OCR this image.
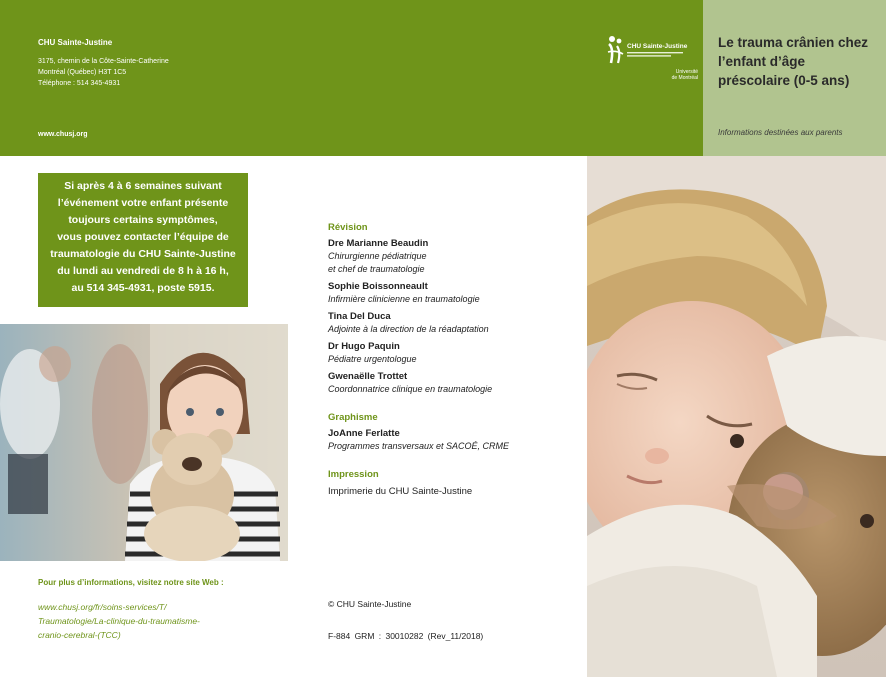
CHU Sainte-Justine
3175, chemin de la Côte-Sainte-Catherine
Montréal (Québec) H3T 1C5
Téléphone : 514 345-4931
www.chusj.org
CHU Sainte-Justine
Université
de Montréal
Le trauma crânien chez l’enfant d’âge préscolaire (0-5 ans)
Informations destinées aux parents
Si après 4 à 6 semaines suivant
l’événement votre enfant présente
toujours certains symptômes,
vous pouvez contacter l’équipe de
traumatologie du CHU Sainte-Justine
du lundi au vendredi de 8 h à 16 h,
au 514 345-4931, poste 5915.
Pour plus d’informations, visitez notre site Web :
www.chusj.org/fr/soins-services/T/
Traumatologie/La-clinique-du-traumatisme-
cranio-cerebral-(TCC)
Révision
Dre Marianne Beaudin
Chirurgienne pédiatrique
et chef de traumatologie
Sophie Boissonneault
Infirmière clinicienne en traumatologie
Tina Del Duca
Adjointe à la direction de la réadaptation
Dr Hugo Paquin
Pédiatre urgentologue
Gwenaëlle Trottet
Coordonnatrice clinique en traumatologie
Graphisme
JoAnne Ferlatte
Programmes transversaux et SACOÉ, CRME
Impression
Imprimerie du CHU Sainte-Justine
© CHU Sainte-Justine
F-884 GRM : 30010282 (Rev_11/2018)
